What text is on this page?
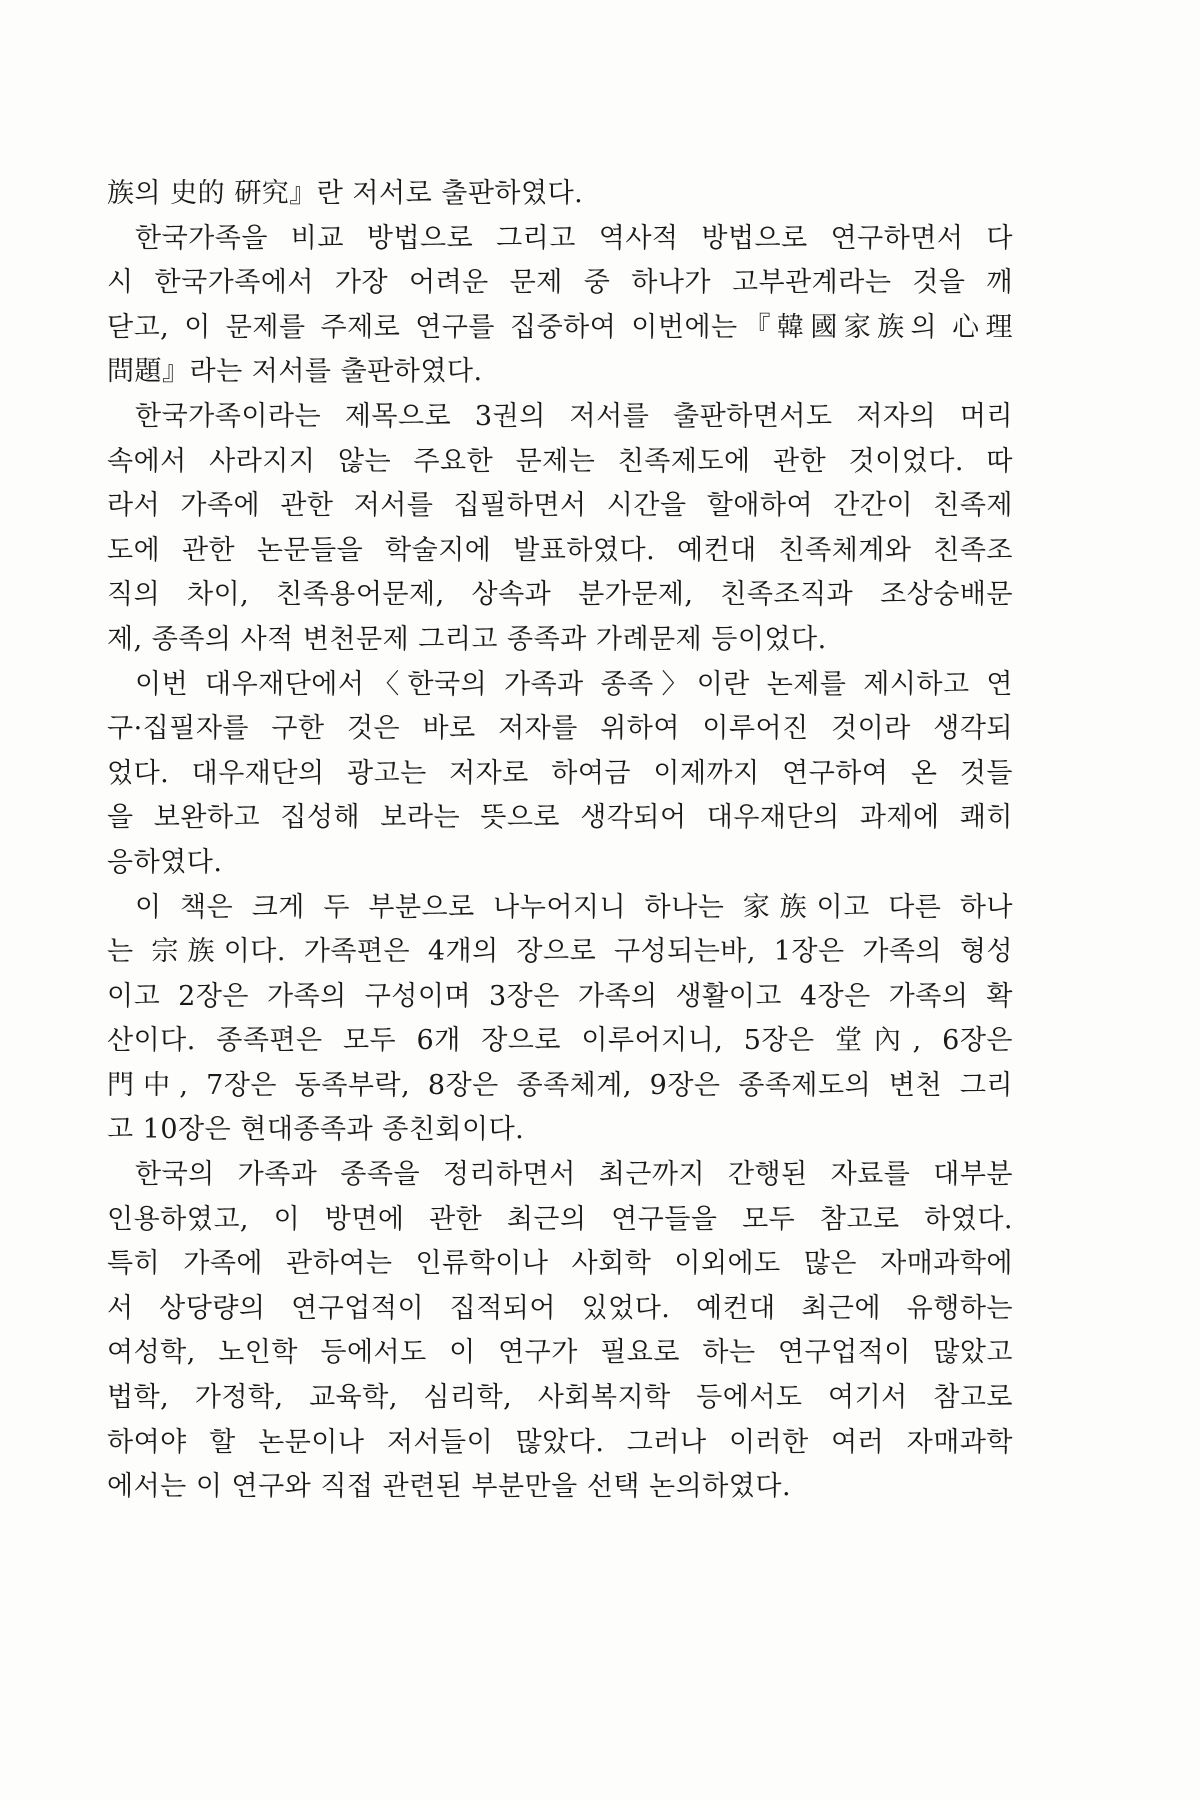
族의 史的 硏究』란 저서로 출판하였다.
한국가족을 비교 방법으로 그리고 역사적 방법으로 연구하면서 다
시 한국가족에서 가장 어려운 문제 중 하나가 고부관계라는 것을 깨
닫고, 이 문제를 주제로 연구를 집중하여 이번에는『韓國家族의 心理
問題』라는 저서를 출판하였다.
한국가족이라는 제목으로 3권의 저서를 출판하면서도 저자의 머리
속에서 사라지지 않는 주요한 문제는 친족제도에 관한 것이었다. 따
라서 가족에 관한 저서를 집필하면서 시간을 할애하여 간간이 친족제
도에 관한 논문들을 학술지에 발표하였다. 예컨대 친족체계와 친족조
직의 차이, 친족용어문제, 상속과 분가문제, 친족조직과 조상숭배문
제, 종족의 사적 변천문제 그리고 종족과 가례문제 등이었다.
이번 대우재단에서〈한국의 가족과 종족〉이란 논제를 제시하고 연
구·집필자를 구한 것은 바로 저자를 위하여 이루어진 것이라 생각되
었다. 대우재단의 광고는 저자로 하여금 이제까지 연구하여 온 것들
을 보완하고 집성해 보라는 뜻으로 생각되어 대우재단의 과제에 쾌히
응하였다.
이 책은 크게 두 부분으로 나누어지니 하나는 家族이고 다른 하나
는 宗族이다. 가족편은 4개의 장으로 구성되는바, 1장은 가족의 형성
이고 2장은 가족의 구성이며 3장은 가족의 생활이고 4장은 가족의 확
산이다. 종족편은 모두 6개 장으로 이루어지니, 5장은 堂內, 6장은
門中, 7장은 동족부락, 8장은 종족체계, 9장은 종족제도의 변천 그리
고 10장은 현대종족과 종친회이다.
한국의 가족과 종족을 정리하면서 최근까지 간행된 자료를 대부분
인용하였고, 이 방면에 관한 최근의 연구들을 모두 참고로 하였다.
특히 가족에 관하여는 인류학이나 사회학 이외에도 많은 자매과학에
서 상당량의 연구업적이 집적되어 있었다. 예컨대 최근에 유행하는
여성학, 노인학 등에서도 이 연구가 필요로 하는 연구업적이 많았고
법학, 가정학, 교육학, 심리학, 사회복지학 등에서도 여기서 참고로
하여야 할 논문이나 저서들이 많았다. 그러나 이러한 여러 자매과학
에서는 이 연구와 직접 관련된 부분만을 선택 논의하였다.
